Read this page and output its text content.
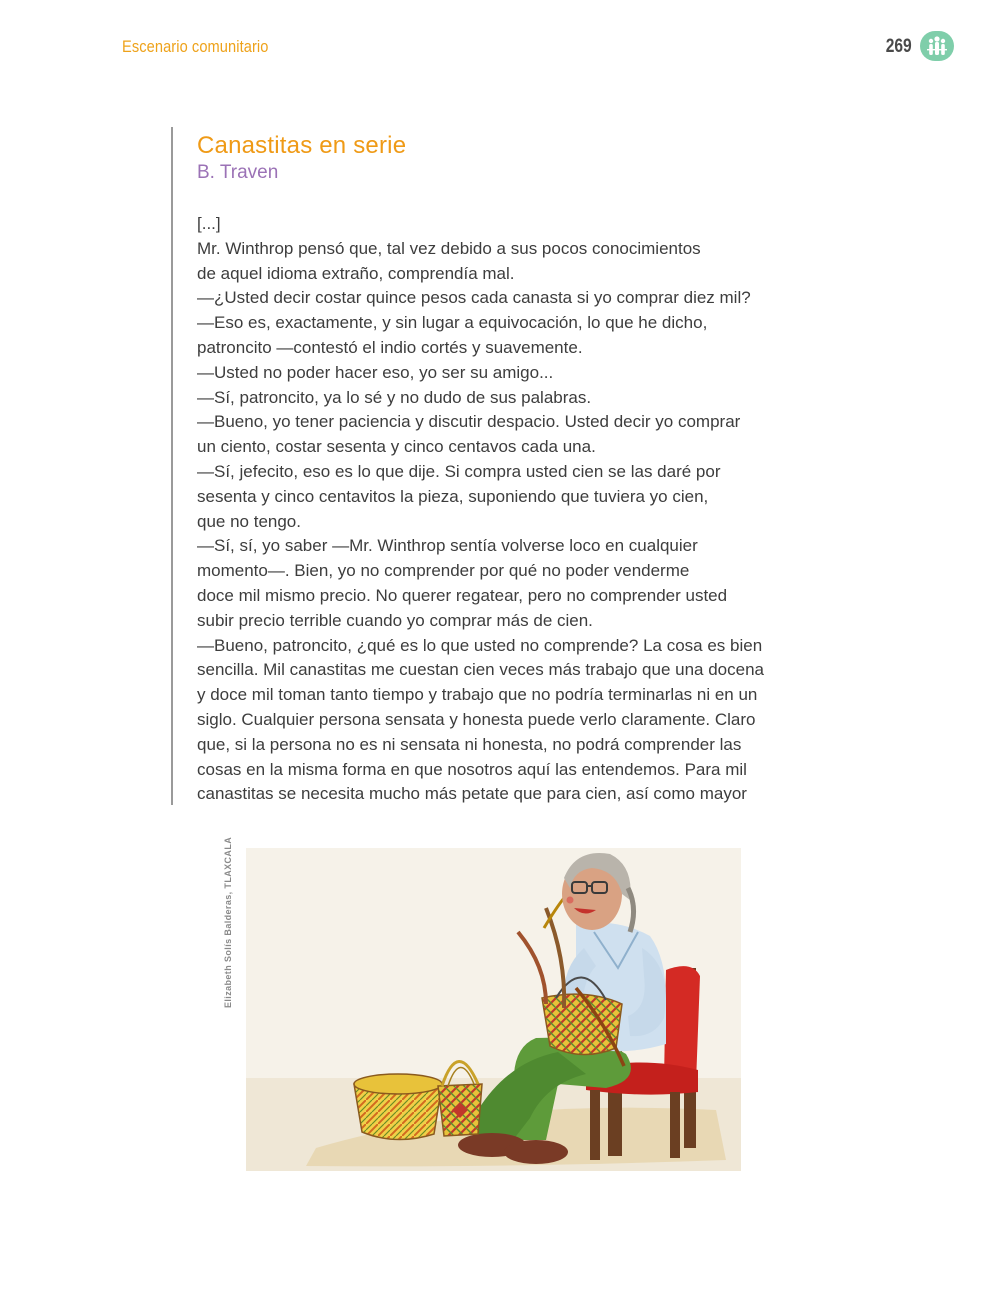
Escenario comunitario	269
Canastitas en serie
B. Traven
[...]
Mr. Winthrop pensó que, tal vez debido a sus pocos conocimientos
de aquel idioma extraño, comprendía mal.
—¿Usted decir costar quince pesos cada canasta si yo comprar diez mil?
—Eso es, exactamente, y sin lugar a equivocación, lo que he dicho,
patroncito —contestó el indio cortés y suavemente.
—Usted no poder hacer eso, yo ser su amigo...
—Sí, patroncito, ya lo sé y no dudo de sus palabras.
—Bueno, yo tener paciencia y discutir despacio. Usted decir yo comprar
un ciento, costar sesenta y cinco centavos cada una.
—Sí, jefecito, eso es lo que dije. Si compra usted cien se las daré por
sesenta y cinco centavitos la pieza, suponiendo que tuviera yo cien,
que no tengo.
—Sí, sí, yo saber —Mr. Winthrop sentía volverse loco en cualquier
momento—. Bien, yo no comprender por qué no poder venderme
doce mil mismo precio. No querer regatear, pero no comprender usted
subir precio terrible cuando yo comprar más de cien.
—Bueno, patroncito, ¿qué es lo que usted no comprende? La cosa es bien
sencilla. Mil canastitas me cuestan cien veces más trabajo que una docena
y doce mil toman tanto tiempo y trabajo que no podría terminarlas ni en un
siglo. Cualquier persona sensata y honesta puede verlo claramente. Claro
que, si la persona no es ni sensata ni honesta, no podrá comprender las
cosas en la misma forma en que nosotros aquí las entendemos. Para mil
canastitas se necesita mucho más petate que para cien, así como mayor
Elizabeth Solís Balderas, TLAXCALA
